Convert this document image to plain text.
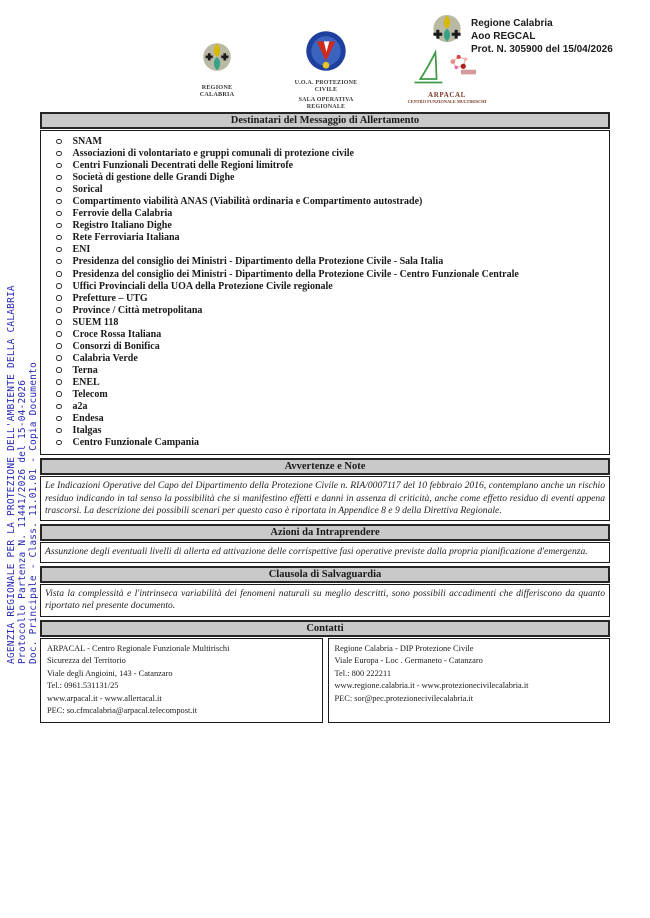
AGENZIA REGIONALE PER LA PROTEZIONE DELL'AMBIENTE DELLA CALABRIA Protocollo Partenza N. 11441/2026 del 15-04-2026 Doc. Principale - Class. 11.01.01 - Copia Documento
Regione Calabria
Aoo REGCAL
Prot. N. 305900 del 15/04/2026
REGIONE CALABRIA
U.O.A. PROTEZIONE CIVILE
SALA OPERATIVA REGIONALE
ARPACAL
CENTRO FUNZIONALE MULTIRISCHI
Destinatari del Messaggio di Allertamento
SNAM
Associazioni di volontariato e gruppi comunali di protezione civile
Centri Funzionali Decentrati delle Regioni limitrofe
Società di gestione delle Grandi Dighe
Sorical
Compartimento viabilità ANAS (Viabilità ordinaria e Compartimento autostrade)
Ferrovie della Calabria
Registro Italiano Dighe
Rete Ferroviaria Italiana
ENI
Presidenza del consiglio dei Ministri - Dipartimento della Protezione Civile - Sala Italia
Presidenza del consiglio dei Ministri - Dipartimento della Protezione Civile - Centro Funzionale Centrale
Uffici Provinciali della UOA della Protezione Civile regionale
Prefetture – UTG
Province / Città metropolitana
SUEM 118
Croce Rossa Italiana
Consorzi di Bonifica
Calabria Verde
Terna
ENEL
Telecom
a2a
Endesa
Italgas
Centro Funzionale Campania
Avvertenze e Note
Le Indicazioni Operative del Capo del Dipartimento della Protezione Civile n. RIA/0007117 del 10 febbraio 2016, contemplano anche un rischio residuo indicando in tal senso la possibilità che si manifestino effetti e danni in assenza di criticità, anche come effetto residuo di eventi appena trascorsi. La descrizione dei possibili scenari per questo caso è riportata in Appendice 8 e 9 della Direttiva Regionale.
Azioni da Intraprendere
Assunzione degli eventuali livelli di allerta ed attivazione delle corrispettive fasi operative previste dalla propria pianificazione d'emergenza.
Clausola di Salvaguardia
Vista la complessità e l'intrinseca variabilità dei fenomeni naturali su meglio descritti, sono possibili accadimenti che differiscono da quanto riportato nel presente documento.
Contatti
ARPACAL - Centro Regionale Funzionale Multirischi
Sicurezza del Territorio
Viale degli Angioini, 143 - Catanzaro
Tel.: 0961.531131/25
www.arpacal.it - www.allertacal.it
PEC: so.cfmcalabria@arpacal.telecompost.it
Regione Calabria - DIP Protezione Civile
Viale Europa - Loc . Germaneto - Catanzaro
Tel.: 800 222211
www.regione.calabria.it - www.protezionecivilecalabria.it
PEC: sor@pec.protezionecivilecalabria.it
